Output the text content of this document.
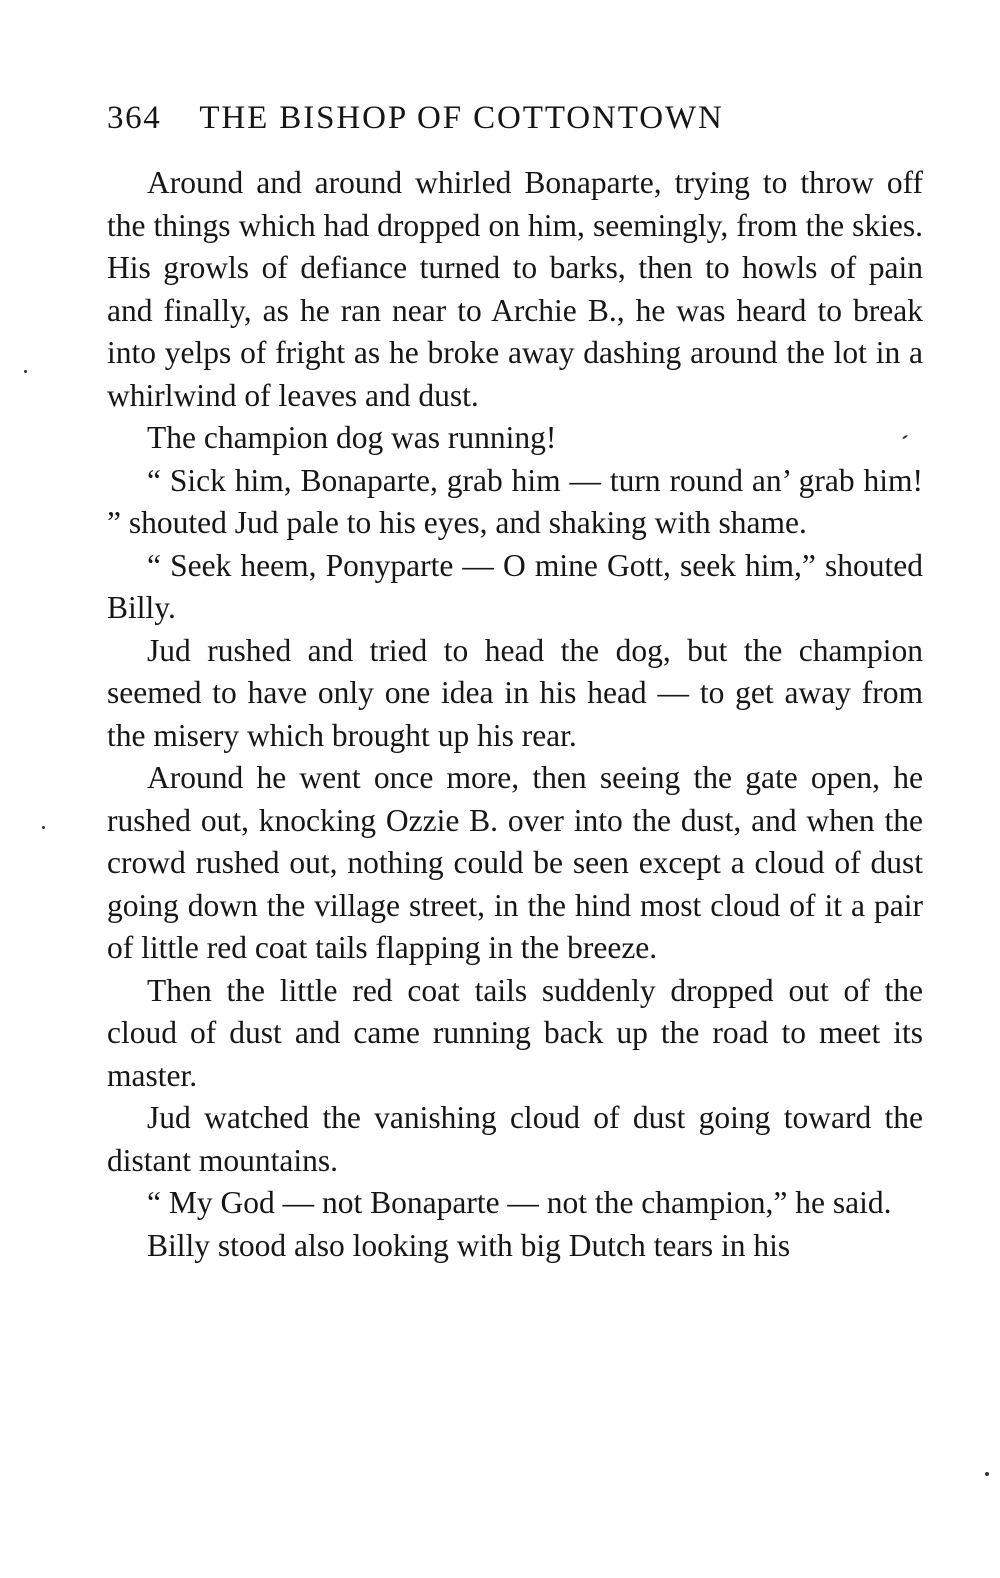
364 THE BISHOP OF COTTONTOWN

Around and around whirled Bonaparte, trying to throw off the things which had dropped on him, seemingly, from the skies. His growls of defiance turned to barks, then to howls of pain and finally, as he ran near to Archie B., he was heard to break into yelps of fright as he broke away dashing around the lot in a whirlwind of leaves and dust.

The champion dog was running!

“ Sick him, Bonaparte, grab him — turn round an’ grab him! ” shouted Jud pale to his eyes, and shaking with shame.

“ Seek heem, Ponyparte — O mine Gott, seek him,” shouted Billy.

Jud rushed and tried to head the dog, but the champion seemed to have only one idea in his head — to get away from the misery which brought up his rear.

Around he went once more, then seeing the gate open, he rushed out, knocking Ozzie B. over into the dust, and when the crowd rushed out, nothing could be seen except a cloud of dust going down the village street, in the hind most cloud of it a pair of little red coat tails flapping in the breeze.

Then the little red coat tails suddenly dropped out of the cloud of dust and came running back up the road to meet its master.

Jud watched the vanishing cloud of dust going toward the distant mountains.

“ My God — not Bonaparte — not the champion,” he said.

Billy stood also looking with big Dutch tears in his
